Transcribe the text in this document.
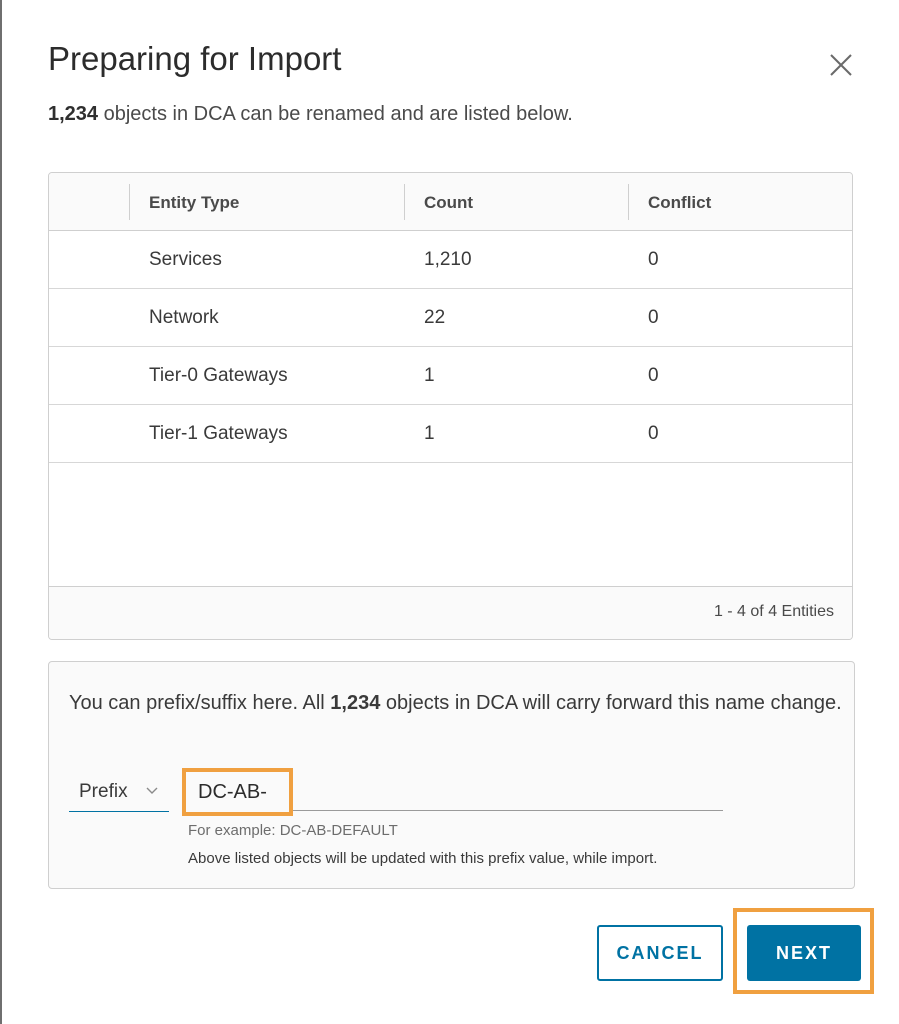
Preparing for Import
1,234 objects in DCA can be renamed and are listed below.
Entity Type	Count	Conflict
Services	1,210	0
Network	22	0
Tier-0 Gateways	1	0
Tier-1 Gateways	1	0
1 - 4 of 4 Entities
You can prefix/suffix here. All 1,234 objects in DCA will carry forward this name change.
Prefix
DC-AB-
For example: DC-AB-DEFAULT
Above listed objects will be updated with this prefix value, while import.
CANCEL	NEXT
